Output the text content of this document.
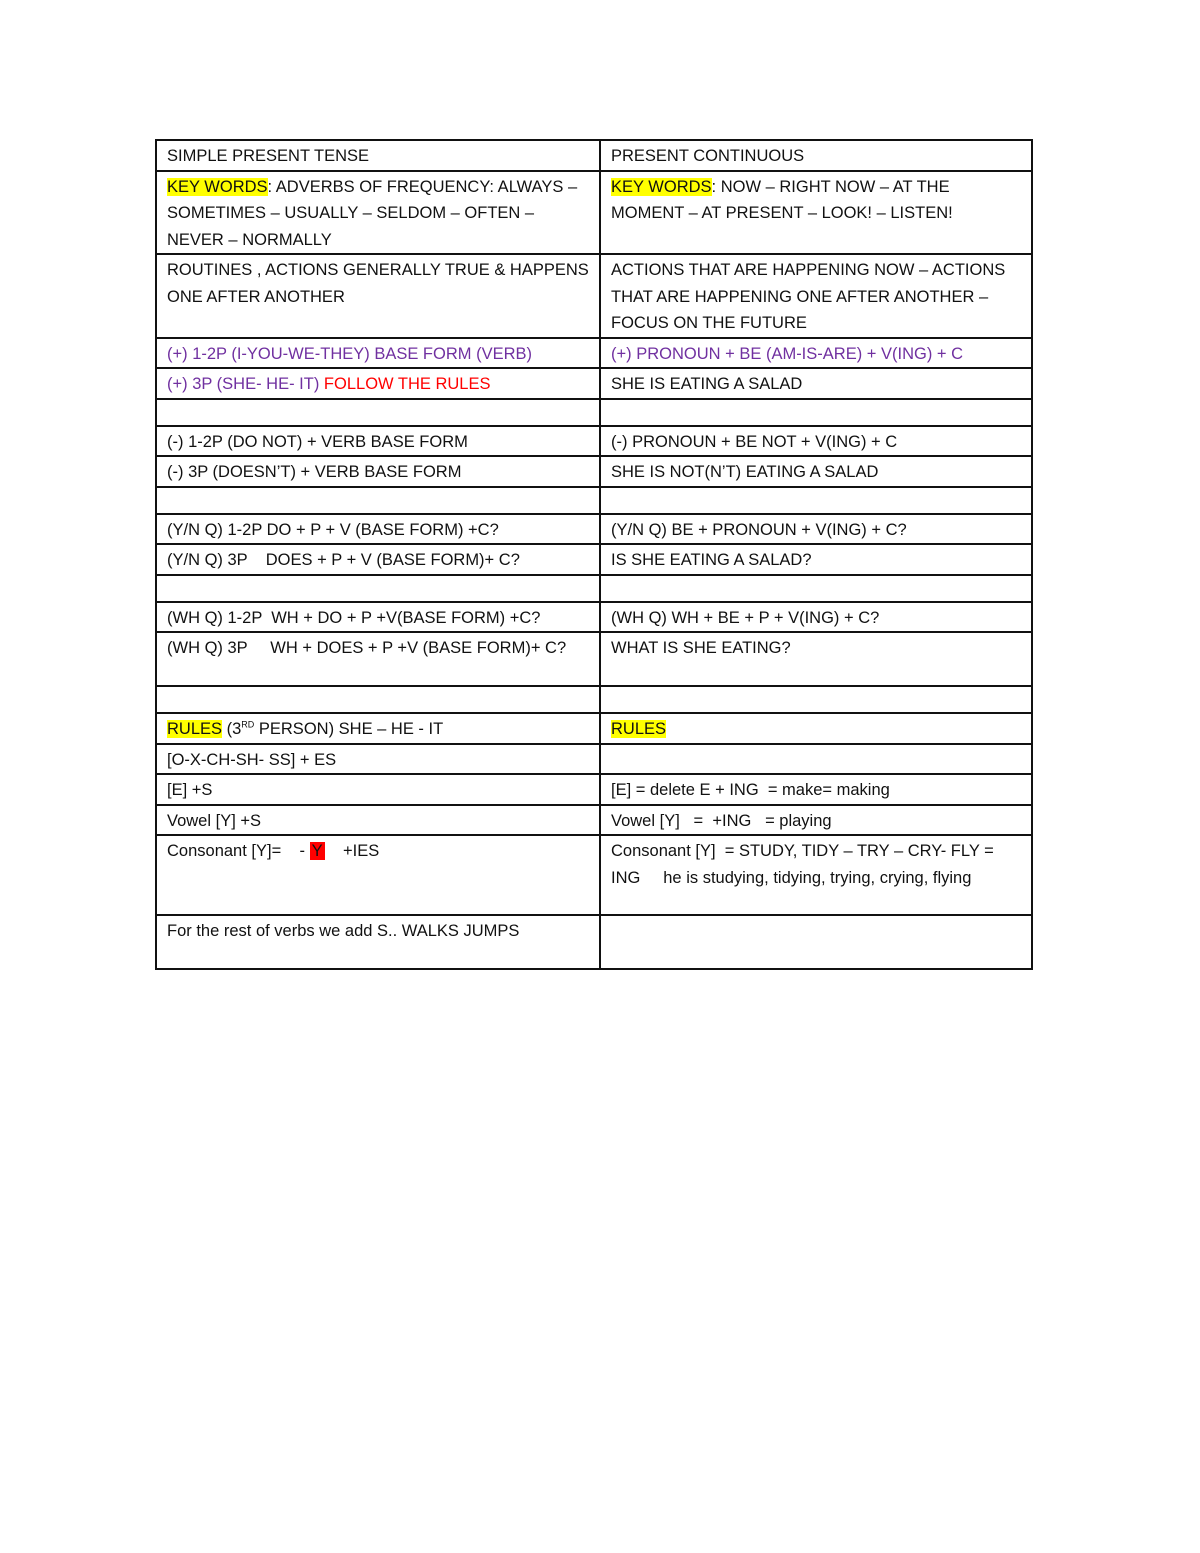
SIMPLE PRESENT TENSE	PRESENT CONTINUOUS
KEY WORDS: ADVERBS OF FREQUENCY: ALWAYS – SOMETIMES – USUALLY – SELDOM – OFTEN – NEVER – NORMALLY	KEY WORDS: NOW – RIGHT NOW – AT THE MOMENT – AT PRESENT – LOOK! – LISTEN!
ROUTINES , ACTIONS GENERALLY TRUE & HAPPENS ONE AFTER ANOTHER	ACTIONS THAT ARE HAPPENING NOW – ACTIONS THAT ARE HAPPENING ONE AFTER ANOTHER – FOCUS ON THE FUTURE
(+) 1-2P (I-YOU-WE-THEY) BASE FORM (VERB)	(+) PRONOUN + BE (AM-IS-ARE) + V(ING) + C
(+) 3P (SHE- HE- IT) FOLLOW THE RULES	SHE IS EATING A SALAD

(-) 1-2P (DO NOT) + VERB BASE FORM	(-) PRONOUN + BE NOT + V(ING) + C
(-) 3P (DOESN’T) + VERB BASE FORM	SHE IS NOT(N’T) EATING A SALAD

(Y/N Q) 1-2P DO + P + V (BASE FORM) +C?	(Y/N Q) BE + PRONOUN + V(ING) + C?
(Y/N Q) 3P    DOES + P + V (BASE FORM)+ C?	IS SHE EATING A SALAD?

(WH Q) 1-2P  WH + DO + P +V(BASE FORM) +C?	(WH Q) WH + BE + P + V(ING) + C?
(WH Q) 3P     WH + DOES + P +V (BASE FORM)+ C?	WHAT IS SHE EATING?

RULES (3RD PERSON) SHE – HE - IT	RULES
[O-X-CH-SH- SS] + ES	
[E] +S	[E] = delete E + ING  = make= making
Vowel [Y] +S	Vowel [Y]   =  +ING   = playing
Consonant [Y]=    - Y    +IES	Consonant [Y]  = STUDY, TIDY – TRY – CRY- FLY = ING     he is studying, tidying, trying, crying, flying
For the rest of verbs we add S.. WALKS JUMPS	
